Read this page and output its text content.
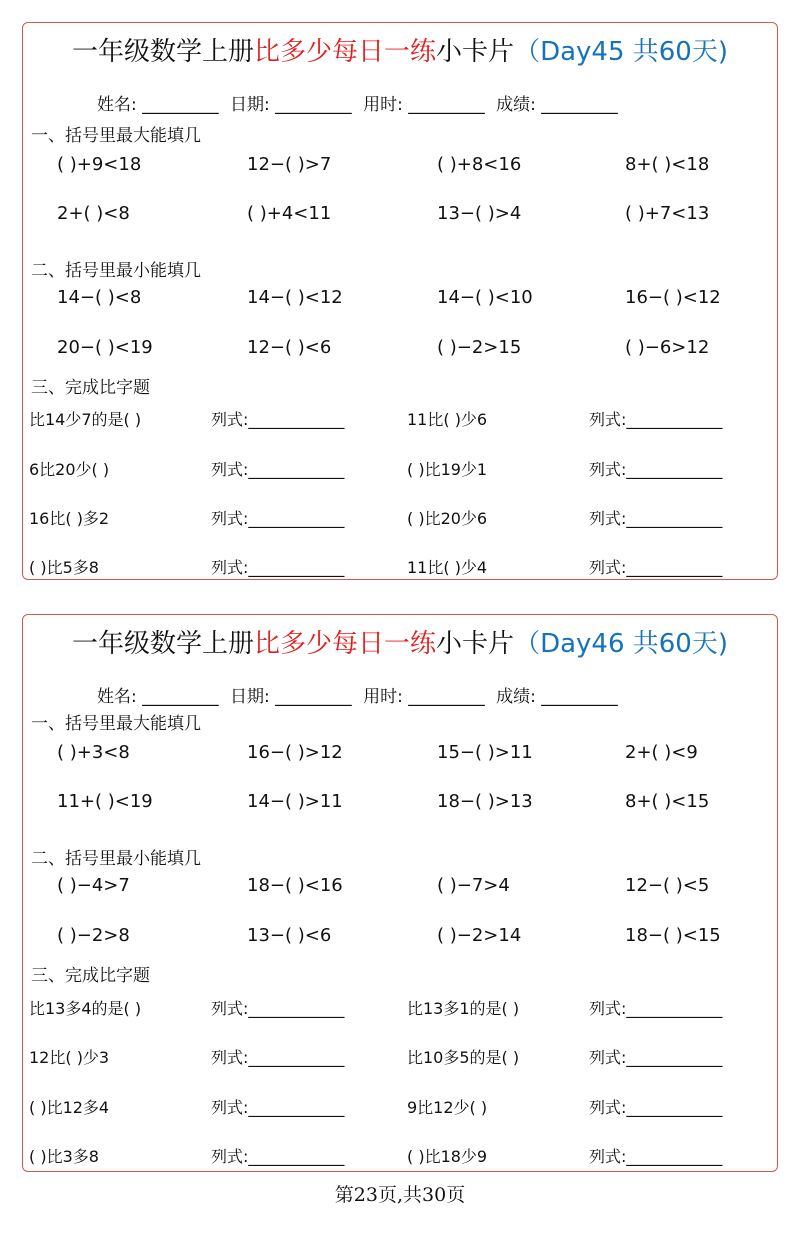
一年级数学上册比多少每日一练小卡片（Day45 共60天)
姓名: _________ 日期: _________ 用时: _________ 成绩: _________
一、括号里最大能填几
( )+9<18	12−( )>7	( )+8<16	8+( )<18
2+( )<8	( )+4<11	13−( )>4	( )+7<13
二、括号里最小能填几
14−( )<8	14−( )<12	14−( )<10	16−( )<12
20−( )<19	12−( )<6	( )−2>15	( )−6>12
三、完成比字题
比14少7的是( )	列式:____________	11比( )少6	列式:____________
6比20少( )	列式:____________	( )比19少1	列式:____________
16比( )多2	列式:____________	( )比20少6	列式:____________
( )比5多8	列式:____________	11比( )少4	列式:____________
一年级数学上册比多少每日一练小卡片（Day46 共60天)
姓名: _________ 日期: _________ 用时: _________ 成绩: _________
一、括号里最大能填几
( )+3<8	16−( )>12	15−( )>11	2+( )<9
11+( )<19	14−( )>11	18−( )>13	8+( )<15
二、括号里最小能填几
( )−4>7	18−( )<16	( )−7>4	12−( )<5
( )−2>8	13−( )<6	( )−2>14	18−( )<15
三、完成比字题
比13多4的是( )	列式:____________	比13多1的是( )	列式:____________
12比( )少3	列式:____________	比10多5的是( )	列式:____________
( )比12多4	列式:____________	9比12少( )	列式:____________
( )比3多8	列式:____________	( )比18少9	列式:____________
第23页,共30页
